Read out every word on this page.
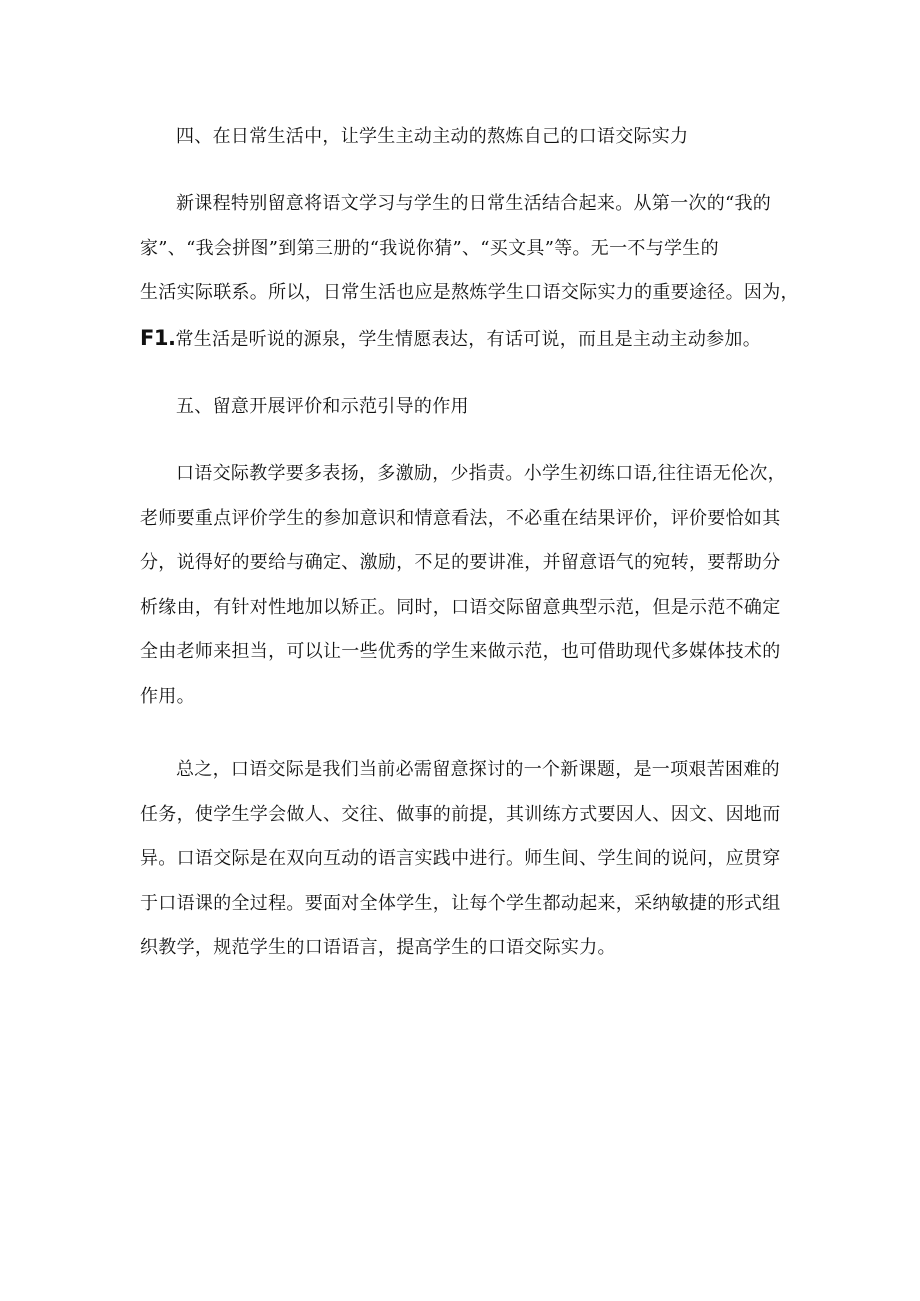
四、在日常生活中，让学生主动主动的熬炼自己的口语交际实力

新课程特别留意将语文学习与学生的日常生活结合起来。从第一次的“我的
家”、“我会拼图”到第三册的“我说你猜”、“买文具”等。无一不与学生的
生活实际联系。所以，日常生活也应是熬炼学生口语交际实力的重要途径。因为，
F1.常生活是听说的源泉，学生情愿表达，有话可说，而且是主动主动参加。

五、留意开展评价和示范引导的作用

口语交际教学要多表扬，多激励，少指责。小学生初练口语,往往语无伦次，
老师要重点评价学生的参加意识和情意看法，不必重在结果评价，评价要恰如其
分，说得好的要给与确定、激励，不足的要讲准，并留意语气的宛转，要帮助分
析缘由，有针对性地加以矫正。同时，口语交际留意典型示范，但是示范不确定
全由老师来担当，可以让一些优秀的学生来做示范，也可借助现代多媒体技术的
作用。
总之，口语交际是我们当前必需留意探讨的一个新课题，是一项艰苦困难的
任务，使学生学会做人、交往、做事的前提，其训练方式要因人、因文、因地而
异。口语交际是在双向互动的语言实践中进行。师生间、学生间的说问，应贯穿
于口语课的全过程。要面对全体学生，让每个学生都动起来，采纳敏捷的形式组
织教学，规范学生的口语语言，提高学生的口语交际实力。
